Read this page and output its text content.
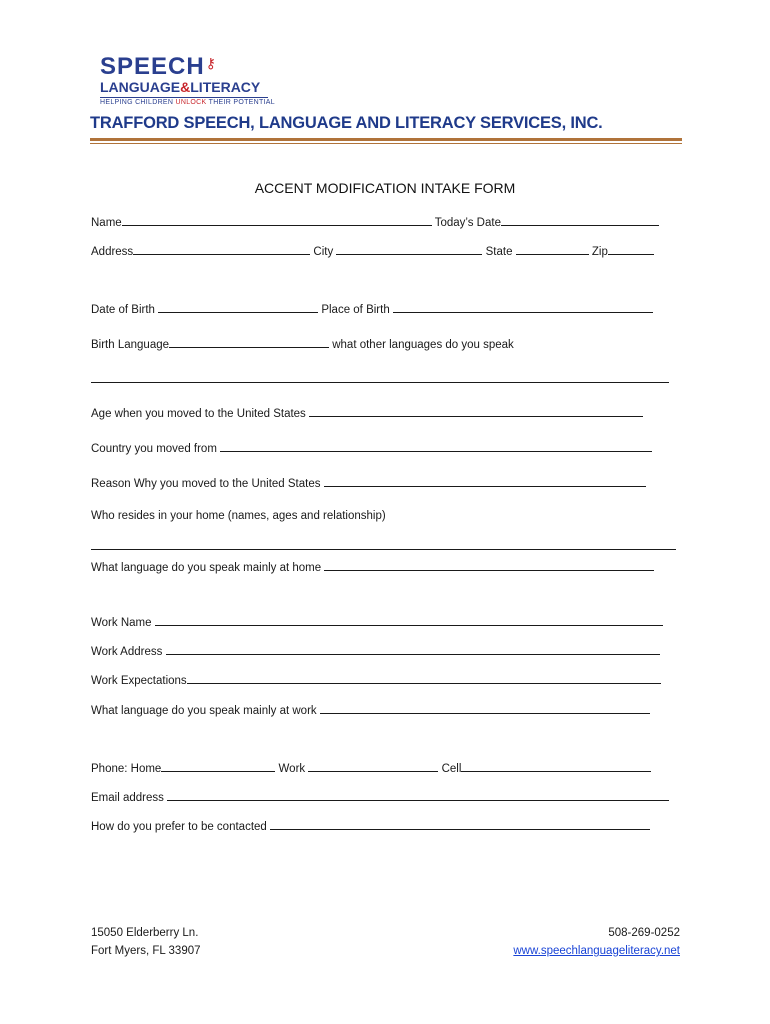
SPEECH⚷
LANGUAGE&LITERACY
HELPING CHILDREN UNLOCK THEIR POTENTIAL
TRAFFORD SPEECH, LANGUAGE AND LITERACY SERVICES, INC.
ACCENT MODIFICATION INTAKE FORM
Name	Today’s Date
Address	City	State	Zip
Date of Birth	Place of Birth
Birth Language	what other languages do you speak
Age when you moved to the United States
Country you moved from
Reason Why you moved to the United States
Who resides in your home (names, ages and relationship)
What language do you speak mainly at home
Work Name
Work Address
Work Expectations
What language do you speak mainly at work
Phone: Home	Work	Cell
Email address
How do you prefer to be contacted
15050 Elderberry Ln.
Fort Myers, FL 33907
508-269-0252
www.speechlanguageliteracy.net
